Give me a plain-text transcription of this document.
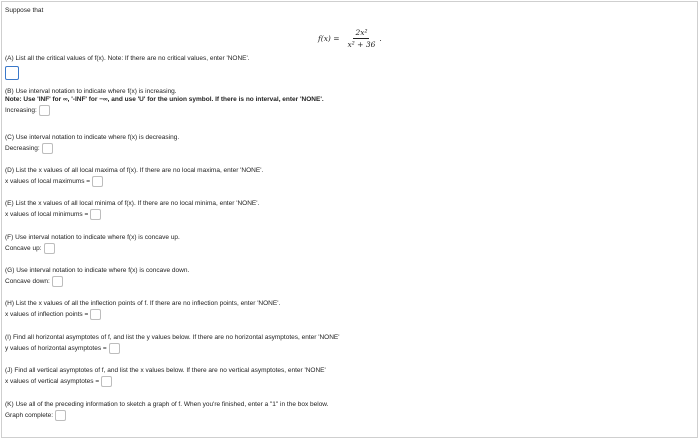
Suppose that
$f(x) = \frac{\text{2x²}}{\text{x² + 36}}$ .
(A) List all the critical values of f(x). Note: If there are no critical values, enter 'NONE'.
(B) Use interval notation to indicate where f(x) is increasing.
Note: Use 'INF' for ∞, '-INF' for −∞, and use 'U' for the union symbol. If there is no interval, enter 'NONE'.
Increasing:
(C) Use interval notation to indicate where f(x) is decreasing.
Decreasing:
(D) List the x values of all local maxima of f(x). If there are no local maxima, enter 'NONE'.
x values of local maximums =
(E) List the x values of all local minima of f(x). If there are no local minima, enter 'NONE'.
x values of local minimums =
(F) Use interval notation to indicate where f(x) is concave up.
Concave up:
(G) Use interval notation to indicate where f(x) is concave down.
Concave down:
(H) List the x values of all the inflection points of f. If there are no inflection points, enter 'NONE'.
x values of inflection points =
(I) Find all horizontal asymptotes of f, and list the y values below. If there are no horizontal asymptotes, enter 'NONE'
y values of horizontal asymptotes =
(J) Find all vertical asymptotes of f, and list the x values below. If there are no vertical asymptotes, enter 'NONE'
x values of vertical asymptotes =
(K) Use all of the preceding information to sketch a graph of f. When you're finished, enter a "1" in the box below.
Graph complete:
